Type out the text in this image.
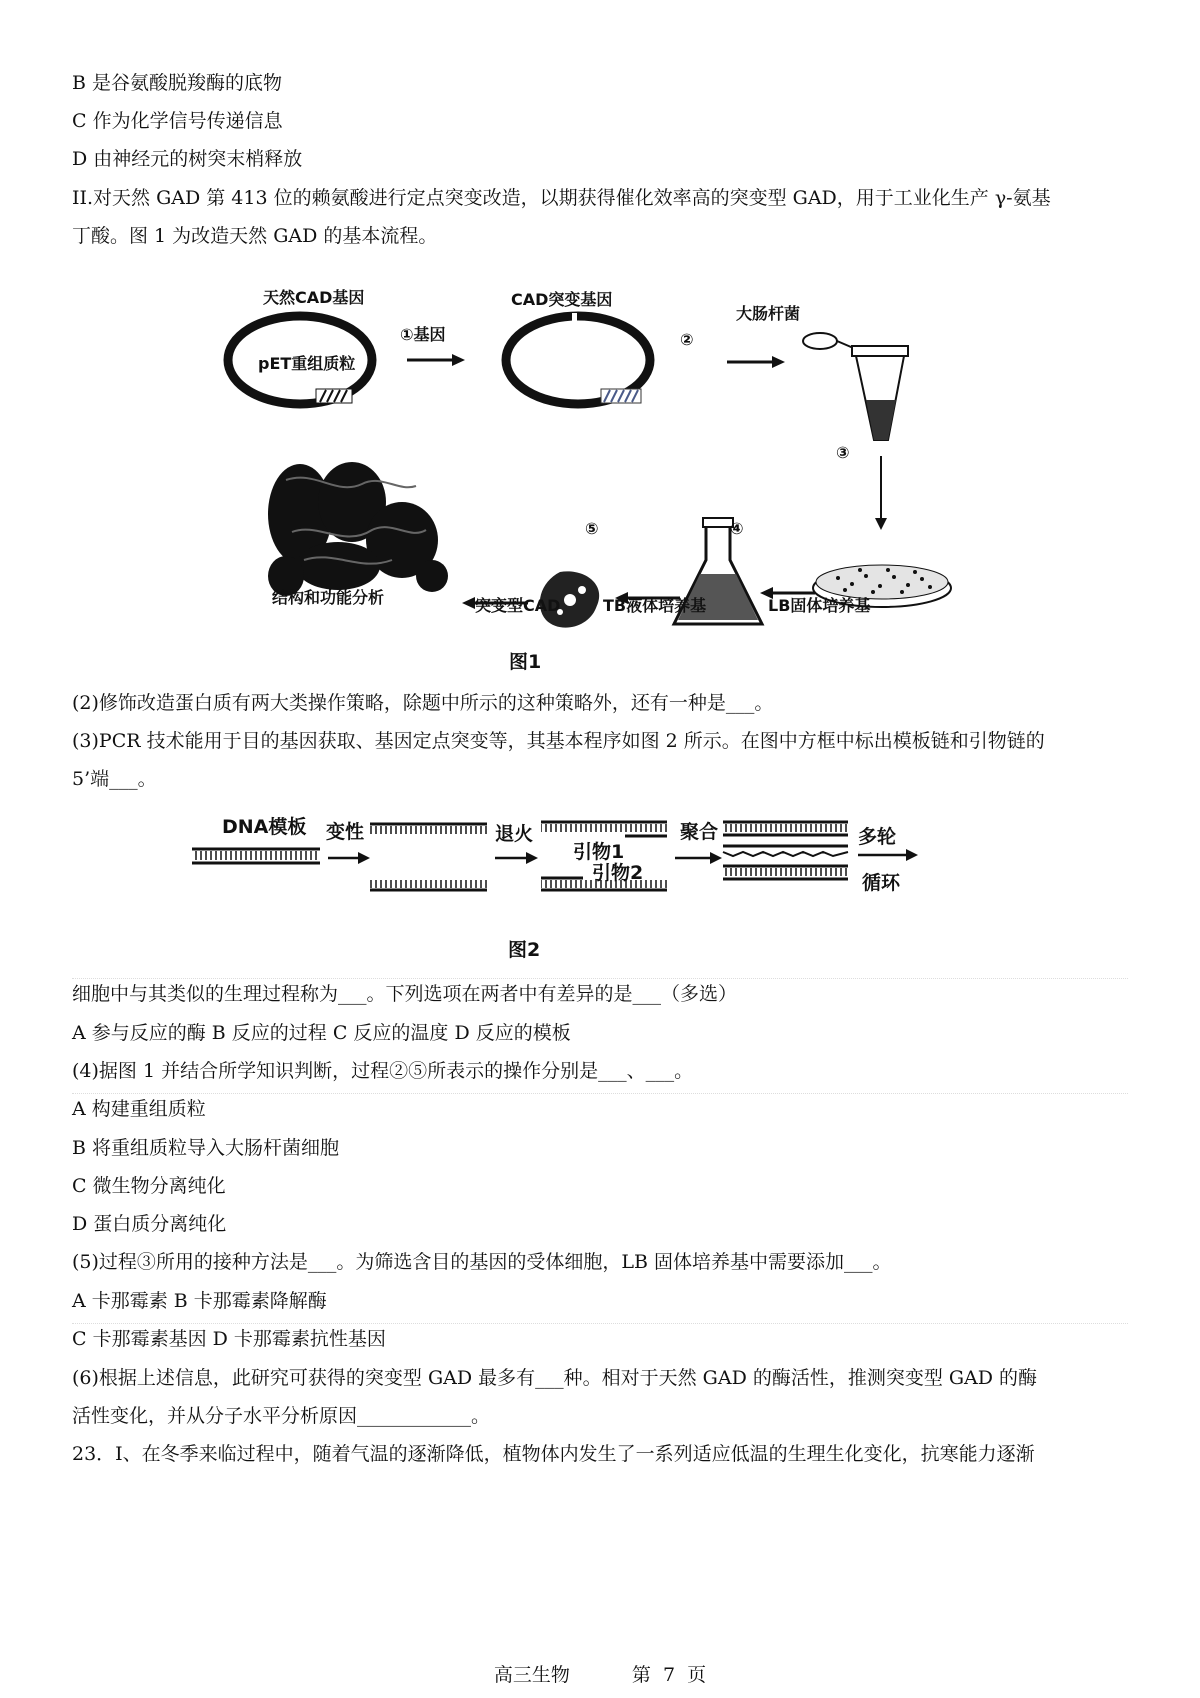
B 是谷氨酸脱羧酶的底物
C 作为化学信号传递信息
D 由神经元的树突末梢释放
II.对天然 GAD 第 413 位的赖氨酸进行定点突变改造，以期获得催化效率高的突变型 GAD，用于工业化生产 γ-氨基
丁酸。图 1 为改造天然 GAD 的基本流程。
天然CAD基因
pET重组质粒
①基因
CAD突变基因
②
大肠杆菌
③
④
⑤
LB固体培养基
TB液体培养基
突变型CAD
结构和功能分析
图1
(2)修饰改造蛋白质有两大类操作策略，除题中所示的这种策略外，还有一种是___。
(3)PCR 技术能用于目的基因获取、基因定点突变等，其基本程序如图 2 所示。在图中方框中标出模板链和引物链的
5’端___。
DNA模板 变性	退火
引物1
引物2
聚合	多轮
循环
图2
细胞中与其类似的生理过程称为___。下列选项在两者中有差异的是___（多选）
A 参与反应的酶 B 反应的过程 C 反应的温度 D 反应的模板
(4)据图 1 并结合所学知识判断，过程②⑤所表示的操作分别是___、___。
A 构建重组质粒
B 将重组质粒导入大肠杆菌细胞
C 微生物分离纯化
D 蛋白质分离纯化
(5)过程③所用的接种方法是___。为筛选含目的基因的受体细胞，LB 固体培养基中需要添加___。
A 卡那霉素 B 卡那霉素降解酶
C 卡那霉素基因 D 卡那霉素抗性基因
(6)根据上述信息，此研究可获得的突变型 GAD 最多有___种。相对于天然 GAD 的酶活性，推测突变型 GAD 的酶
活性变化，并从分子水平分析原因____________。
23．I、在冬季来临过程中，随着气温的逐渐降低，植物体内发生了一系列适应低温的生理生化变化，抗寒能力逐渐
高三生物	第  7  页
